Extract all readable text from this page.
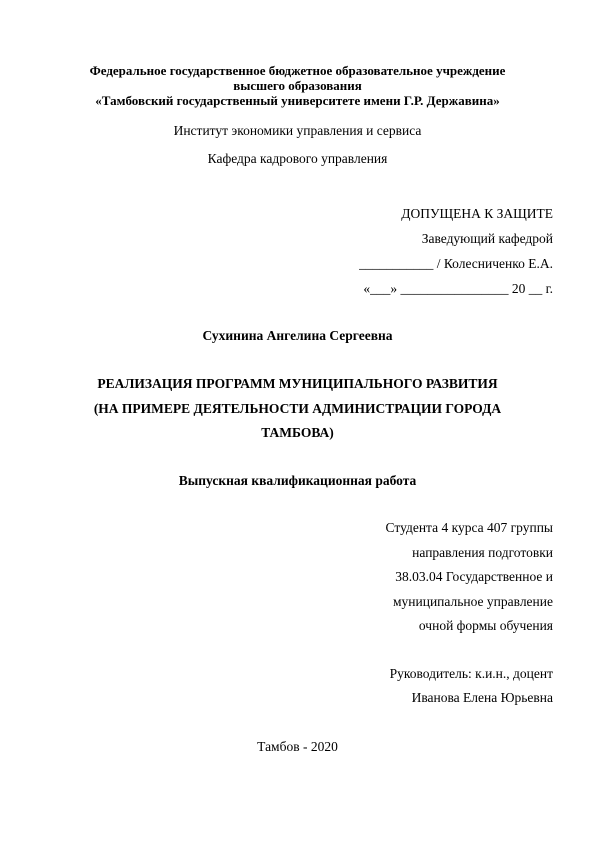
Федеральное государственное бюджетное образовательное учреждение
высшего образования
«Тамбовский государственный университете имени Г.Р. Державина»
Институт экономики управления и сервиса
Кафедра кадрового управления
ДОПУЩЕНА К ЗАЩИТЕ
Заведующий кафедрой
___________ / Колесниченко Е.А.
«___» ________________ 20 __ г.
Сухинина Ангелина Сергеевна
РЕАЛИЗАЦИЯ ПРОГРАММ МУНИЦИПАЛЬНОГО РАЗВИТИЯ
(НА ПРИМЕРЕ ДЕЯТЕЛЬНОСТИ АДМИНИСТРАЦИИ ГОРОДА
ТАМБОВА)
Выпускная квалификационная работа
Студента 4 курса 407 группы
направления подготовки
38.03.04 Государственное и
муниципальное управление
очной формы обучения
Руководитель: к.и.н., доцент
Иванова Елена Юрьевна
Тамбов - 2020
